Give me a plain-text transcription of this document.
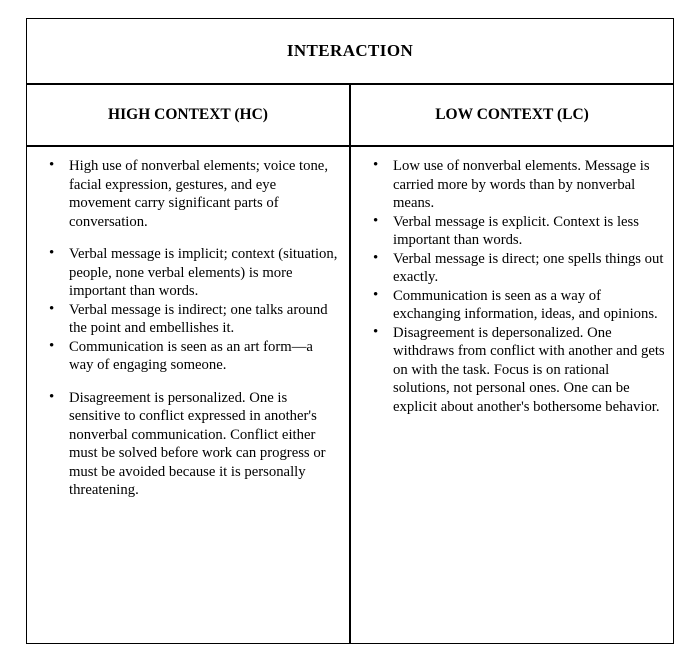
INTERACTION	
HIGH CONTEXT (HC)	LOW CONTEXT (LC)

• High use of nonverbal elements; voice tone, facial expression, gestures, and eye movement carry significant parts of conversation.
• Verbal message is implicit; context (situation, people, none verbal elements) is more important than words.
• Verbal message is indirect; one talks around the point and embellishes it.
• Communication is seen as an art form—a way of engaging someone.
• Disagreement is personalized. One is sensitive to conflict expressed in another's nonverbal communication. Conflict either must be solved before work can progress or must be avoided because it is personally threatening.

• Low use of nonverbal elements. Message is carried more by words than by nonverbal means.
• Verbal message is explicit. Context is less important than words.
• Verbal message is direct; one spells things out exactly.
• Communication is seen as a way of exchanging information, ideas, and opinions.
• Disagreement is depersonalized. One withdraws from conflict with another and gets on with the task. Focus is on rational solutions, not personal ones. One can be explicit about another's bothersome behavior.
